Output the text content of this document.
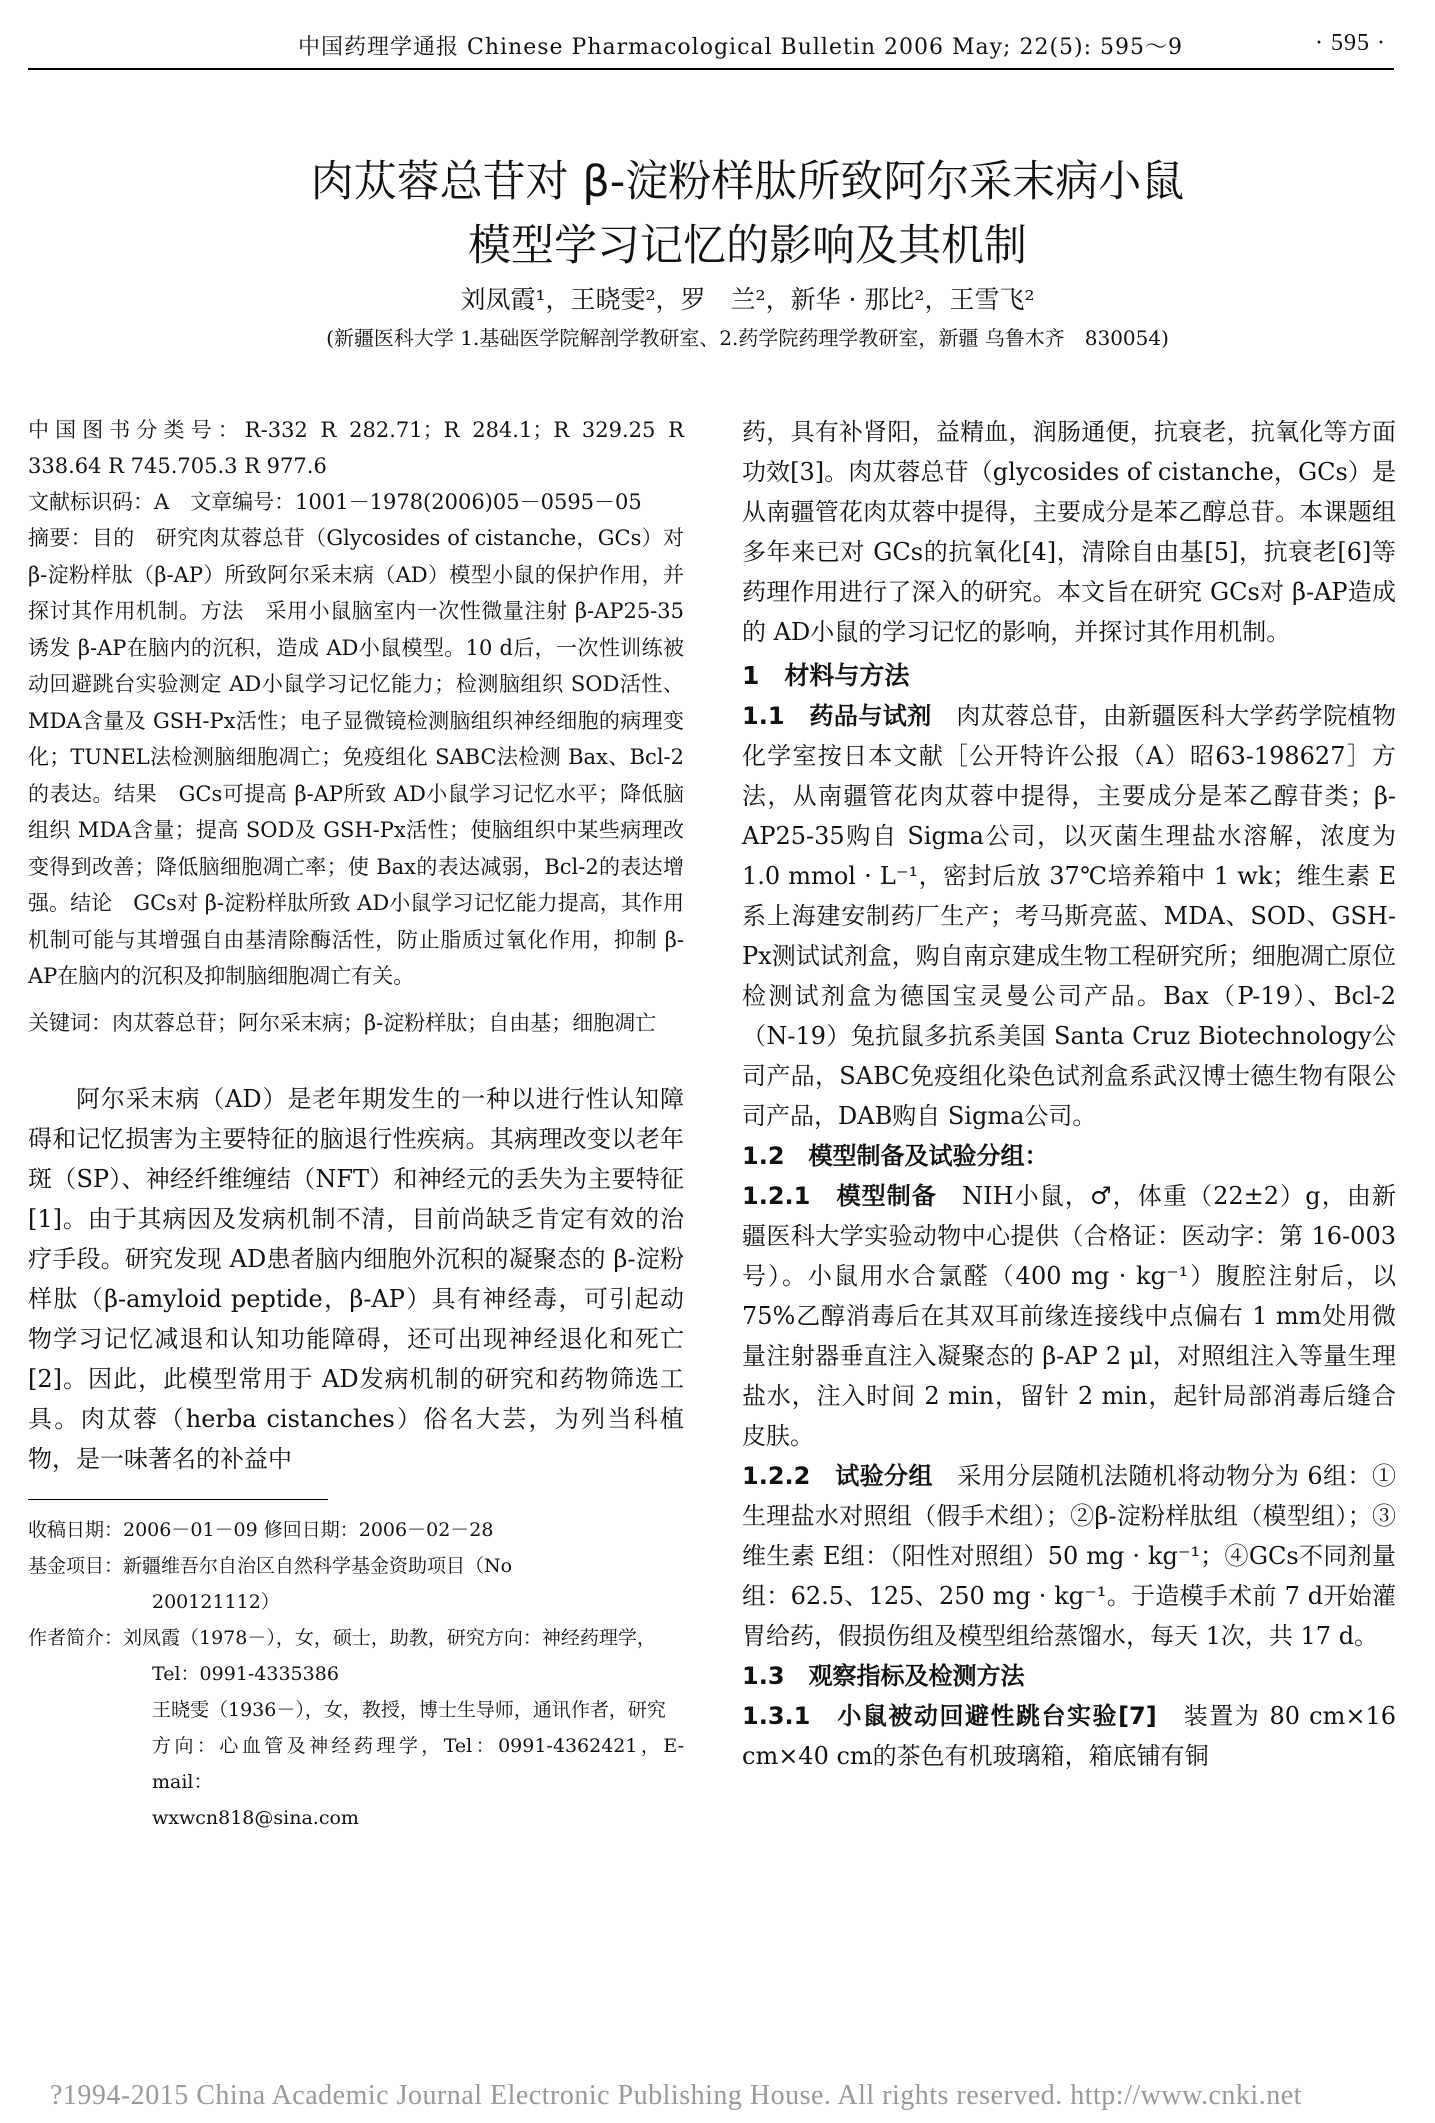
中国药理学通报 Chinese Pharmacological Bulletin 2006 May; 22(5): 595～9	· 595 ·
肉苁蓉总苷对 β-淀粉样肽所致阿尔采末病小鼠
模型学习记忆的影响及其机制
刘凤霞¹，王晓雯²，罗　兰²，新华 · 那比²，王雪飞²
(新疆医科大学 1.基础医学院解剖学教研室、2.药学院药理学教研室，新疆 乌鲁木齐　830054)

中国图书分类号：R-332 R 282.71；R 284.1；R 329.25 R 338.64 R 745.705.3 R 977.6

文献标识码：A　文章编号：1001－1978(2006)05－0595－05

摘要：目的　研究肉苁蓉总苷（Glycosides of cistanche，GCs）对 β-淀粉样肽（β-AP）所致阿尔采末病（AD）模型小鼠的保护作用，并探讨其作用机制。方法　采用小鼠脑室内一次性微量注射 β-AP25-35诱发 β-AP在脑内的沉积，造成 AD小鼠模型。10 d后，一次性训练被动回避跳台实验测定 AD小鼠学习记忆能力；检测脑组织 SOD活性、MDA含量及 GSH-Px活性；电子显微镜检测脑组织神经细胞的病理变化；TUNEL法检测脑细胞凋亡；免疫组化 SABC法检测 Bax、Bcl-2的表达。结果　GCs可提高 β-AP所致 AD小鼠学习记忆水平；降低脑组织 MDA含量；提高 SOD及 GSH-Px活性；使脑组织中某些病理改变得到改善；降低脑细胞凋亡率；使 Bax的表达减弱，Bcl-2的表达增强。结论　GCs对 β-淀粉样肽所致 AD小鼠学习记忆能力提高，其作用机制可能与其增强自由基清除酶活性，防止脂质过氧化作用，抑制 β-AP在脑内的沉积及抑制脑细胞凋亡有关。

关键词：肉苁蓉总苷；阿尔采末病；β-淀粉样肽；自由基；细胞凋亡

阿尔采末病（AD）是老年期发生的一种以进行性认知障碍和记忆损害为主要特征的脑退行性疾病。其病理改变以老年斑（SP）、神经纤维缠结（NFT）和神经元的丢失为主要特征[1]。由于其病因及发病机制不清，目前尚缺乏肯定有效的治疗手段。研究发现 AD患者脑内细胞外沉积的凝聚态的 β-淀粉样肽（β-amyloid peptide，β-AP）具有神经毒，可引起动物学习记忆减退和认知功能障碍，还可出现神经退化和死亡[2]。因此，此模型常用于 AD发病机制的研究和药物筛选工具。肉苁蓉（herba cistanches）俗名大芸，为列当科植物，是一味著名的补益中

收稿日期：2006－01－09 修回日期：2006－02－28
基金项目：新疆维吾尔自治区自然科学基金资助项目（No
200121112）
作者简介：刘凤霞（1978－），女，硕士，助教，研究方向：神经药理学，
Tel：0991-4335386
王晓雯（1936－），女，教授，博士生导师，通讯作者，研究
方向：心血管及神经药理学，Tel：0991-4362421，E-mail：
wxwcn818@sina.com

药，具有补肾阳，益精血，润肠通便，抗衰老，抗氧化等方面功效[3]。肉苁蓉总苷（glycosides of cistanche，GCs）是从南疆管花肉苁蓉中提得，主要成分是苯乙醇总苷。本课题组多年来已对 GCs的抗氧化[4]，清除自由基[5]，抗衰老[6]等药理作用进行了深入的研究。本文旨在研究 GCs对 β-AP造成的 AD小鼠的学习记忆的影响，并探讨其作用机制。

1　材料与方法

1.1　药品与试剂　肉苁蓉总苷，由新疆医科大学药学院植物化学室按日本文献［公开特许公报（A）昭63-198627］方法，从南疆管花肉苁蓉中提得，主要成分是苯乙醇苷类；β-AP25-35购自 Sigma公司，以灭菌生理盐水溶解，浓度为 1.0 mmol · L⁻¹，密封后放 37℃培养箱中 1 wk；维生素 E系上海建安制药厂生产；考马斯亮蓝、MDA、SOD、GSH-Px测试试剂盒，购自南京建成生物工程研究所；细胞凋亡原位检测试剂盒为德国宝灵曼公司产品。Bax（P-19）、Bcl-2（N-19）兔抗鼠多抗系美国 Santa Cruz Biotechnology公司产品，SABC免疫组化染色试剂盒系武汉博士德生物有限公司产品，DAB购自 Sigma公司。

1.2　模型制备及试验分组：

1.2.1　模型制备　NIH小鼠，♂，体重（22±2）g，由新疆医科大学实验动物中心提供（合格证：医动字：第 16-003号）。小鼠用水合氯醛（400 mg · kg⁻¹）腹腔注射后，以 75%乙醇消毒后在其双耳前缘连接线中点偏右 1 mm处用微量注射器垂直注入凝聚态的 β-AP 2 μl，对照组注入等量生理盐水，注入时间 2 min，留针 2 min，起针局部消毒后缝合皮肤。

1.2.2　试验分组　采用分层随机法随机将动物分为 6组：①生理盐水对照组（假手术组）；②β-淀粉样肽组（模型组）；③维生素 E组：（阳性对照组）50 mg · kg⁻¹；④GCs不同剂量组：62.5、125、250 mg · kg⁻¹。于造模手术前 7 d开始灌胃给药，假损伤组及模型组给蒸馏水，每天 1次，共 17 d。

1.3　观察指标及检测方法

1.3.1　小鼠被动回避性跳台实验[7]　装置为 80 cm×16 cm×40 cm的茶色有机玻璃箱，箱底铺有铜

?1994-2015 China Academic Journal Electronic Publishing House. All rights reserved. http://www.cnki.net
